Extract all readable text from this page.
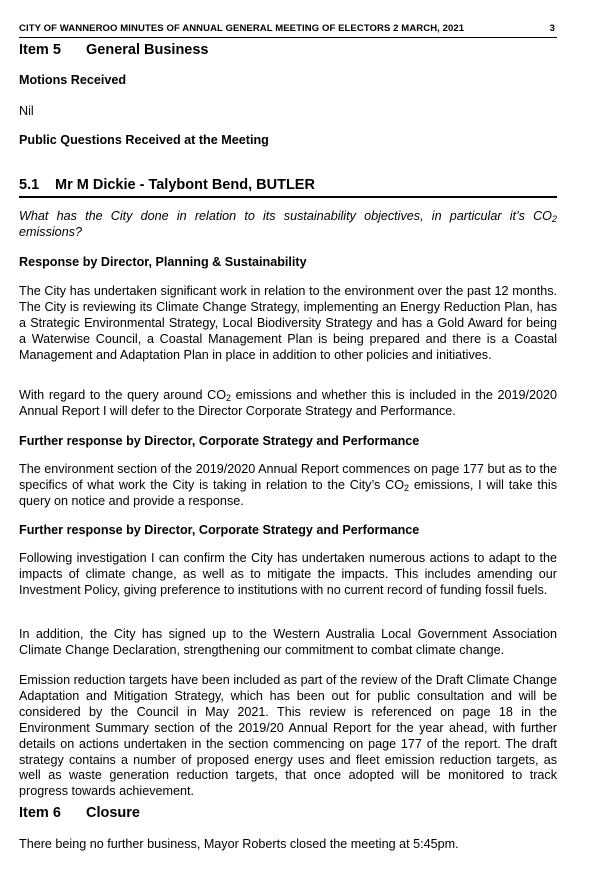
CITY OF WANNEROO MINUTES OF ANNUAL GENERAL MEETING OF ELECTORS 2 MARCH, 2021	3
Item 5 General Business
Motions Received
Nil
Public Questions Received at the Meeting
5.1 Mr M Dickie - Talybont Bend, BUTLER
What has the City done in relation to its sustainability objectives, in particular it’s $CO_2$ emissions?
Response by Director, Planning & Sustainability
The City has undertaken significant work in relation to the environment over the past 12 months. The City is reviewing its Climate Change Strategy, implementing an Energy Reduction Plan, has a Strategic Environmental Strategy, Local Biodiversity Strategy and has a Gold Award for being a Waterwise Council, a Coastal Management Plan is being prepared and there is a Coastal Management and Adaptation Plan in place in addition to other policies and initiatives.
With regard to the query around $CO_2$ emissions and whether this is included in the 2019/2020 Annual Report I will defer to the Director Corporate Strategy and Performance.
Further response by Director, Corporate Strategy and Performance
The environment section of the 2019/2020 Annual Report commences on page 177 but as to the specifics of what work the City is taking in relation to the City’s $CO_2$ emissions, I will take this query on notice and provide a response.
Further response by Director, Corporate Strategy and Performance
Following investigation I can confirm the City has undertaken numerous actions to adapt to the impacts of climate change, as well as to mitigate the impacts. This includes amending our Investment Policy, giving preference to institutions with no current record of funding fossil fuels.
In addition, the City has signed up to the Western Australia Local Government Association Climate Change Declaration, strengthening our commitment to combat climate change.
Emission reduction targets have been included as part of the review of the Draft Climate Change Adaptation and Mitigation Strategy, which has been out for public consultation and will be considered by the Council in May 2021. This review is referenced on page 18 in the Environment Summary section of the 2019/20 Annual Report for the year ahead, with further details on actions undertaken in the section commencing on page 177 of the report. The draft strategy contains a number of proposed energy uses and fleet emission reduction targets, as well as waste generation reduction targets, that once adopted will be monitored to track progress towards achievement.
Item 6 Closure
There being no further business, Mayor Roberts closed the meeting at 5:45pm.
